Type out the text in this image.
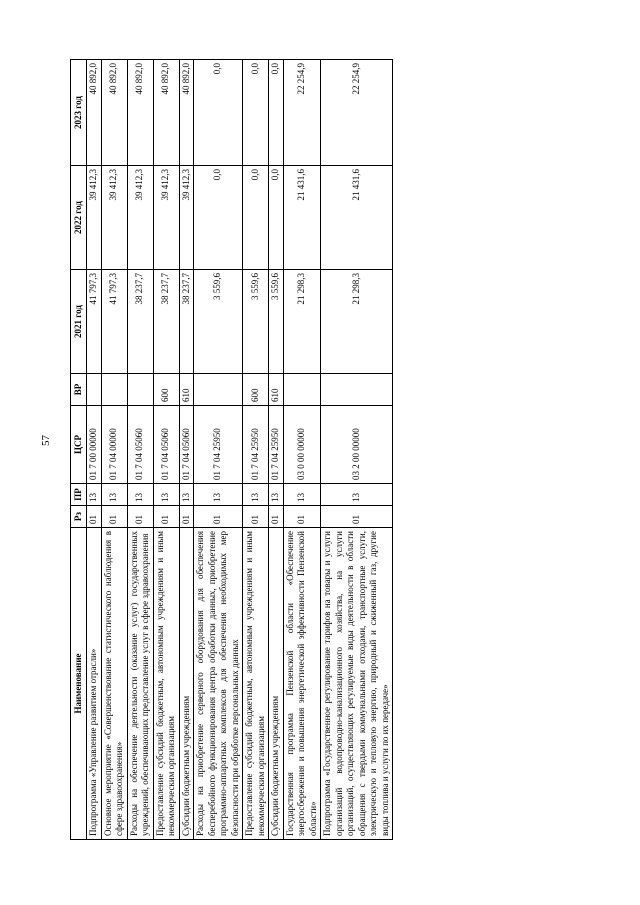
57
Наименование	Рз	ПР	ЦСР	ВР	2021 год	2022 год	2023 год
Подпрограмма «Управление развитием отрасли»	01	13	01 7 00 00000		41 797,3	39 412,3	40 892,0
Основное мероприятие «Совершенствование статистического наблюдения в сфере здравоохранения»	01	13	01 7 04 00000		41 797,3	39 412,3	40 892,0
Расходы на обеспечение деятельности (оказание услуг) государственных учреждений, обеспечивающих предоставление услуг в сфере здравоохранения	01	13	01 7 04 05060		38 237,7	39 412,3	40 892,0
Предоставление субсидий бюджетным, автономным учреждениям и иным некоммерческим организациям	01	13	01 7 04 05060	600	38 237,7	39 412,3	40 892,0
Субсидии бюджетным учреждениям	01	13	01 7 04 05060	610	38 237,7	39 412,3	40 892,0
Расходы на приобретение серверного оборудования для обеспечения бесперебойного функционирования центра обработки данных, приобретение программно-аппаратных комплексов для обеспечения необходимых мер безопасности при обработке персональных данных	01	13	01 7 04 25950		3 559,6	0,0	0,0
Предоставление субсидий бюджетным, автономным учреждениям и иным некоммерческим организациям	01	13	01 7 04 25950	600	3 559,6	0,0	0,0
Субсидии бюджетным учреждениям	01	13	01 7 04 25950	610	3 559,6	0,0	0,0
Государственная программа Пензенской области «Обеспечение энергосбережения и повышения энергетической эффективности Пензенской области»	01	13	03 0 00 00000		21 298,3	21 431,6	22 254,9
Подпрограмма «Государственное регулирование тарифов на товары и услуги организаций водопроводно-канализационного хозяйства, на услуги организаций, осуществляющих регулируемые виды деятельности в области обращения с твердыми коммунальными отходами, транспортные услуги, электрическую и тепловую энергию, природный и сжиженный газ, другие виды топлива и услуги по их передаче»	01	13	03 2 00 00000		21 298,3	21 431,6	22 254,9
